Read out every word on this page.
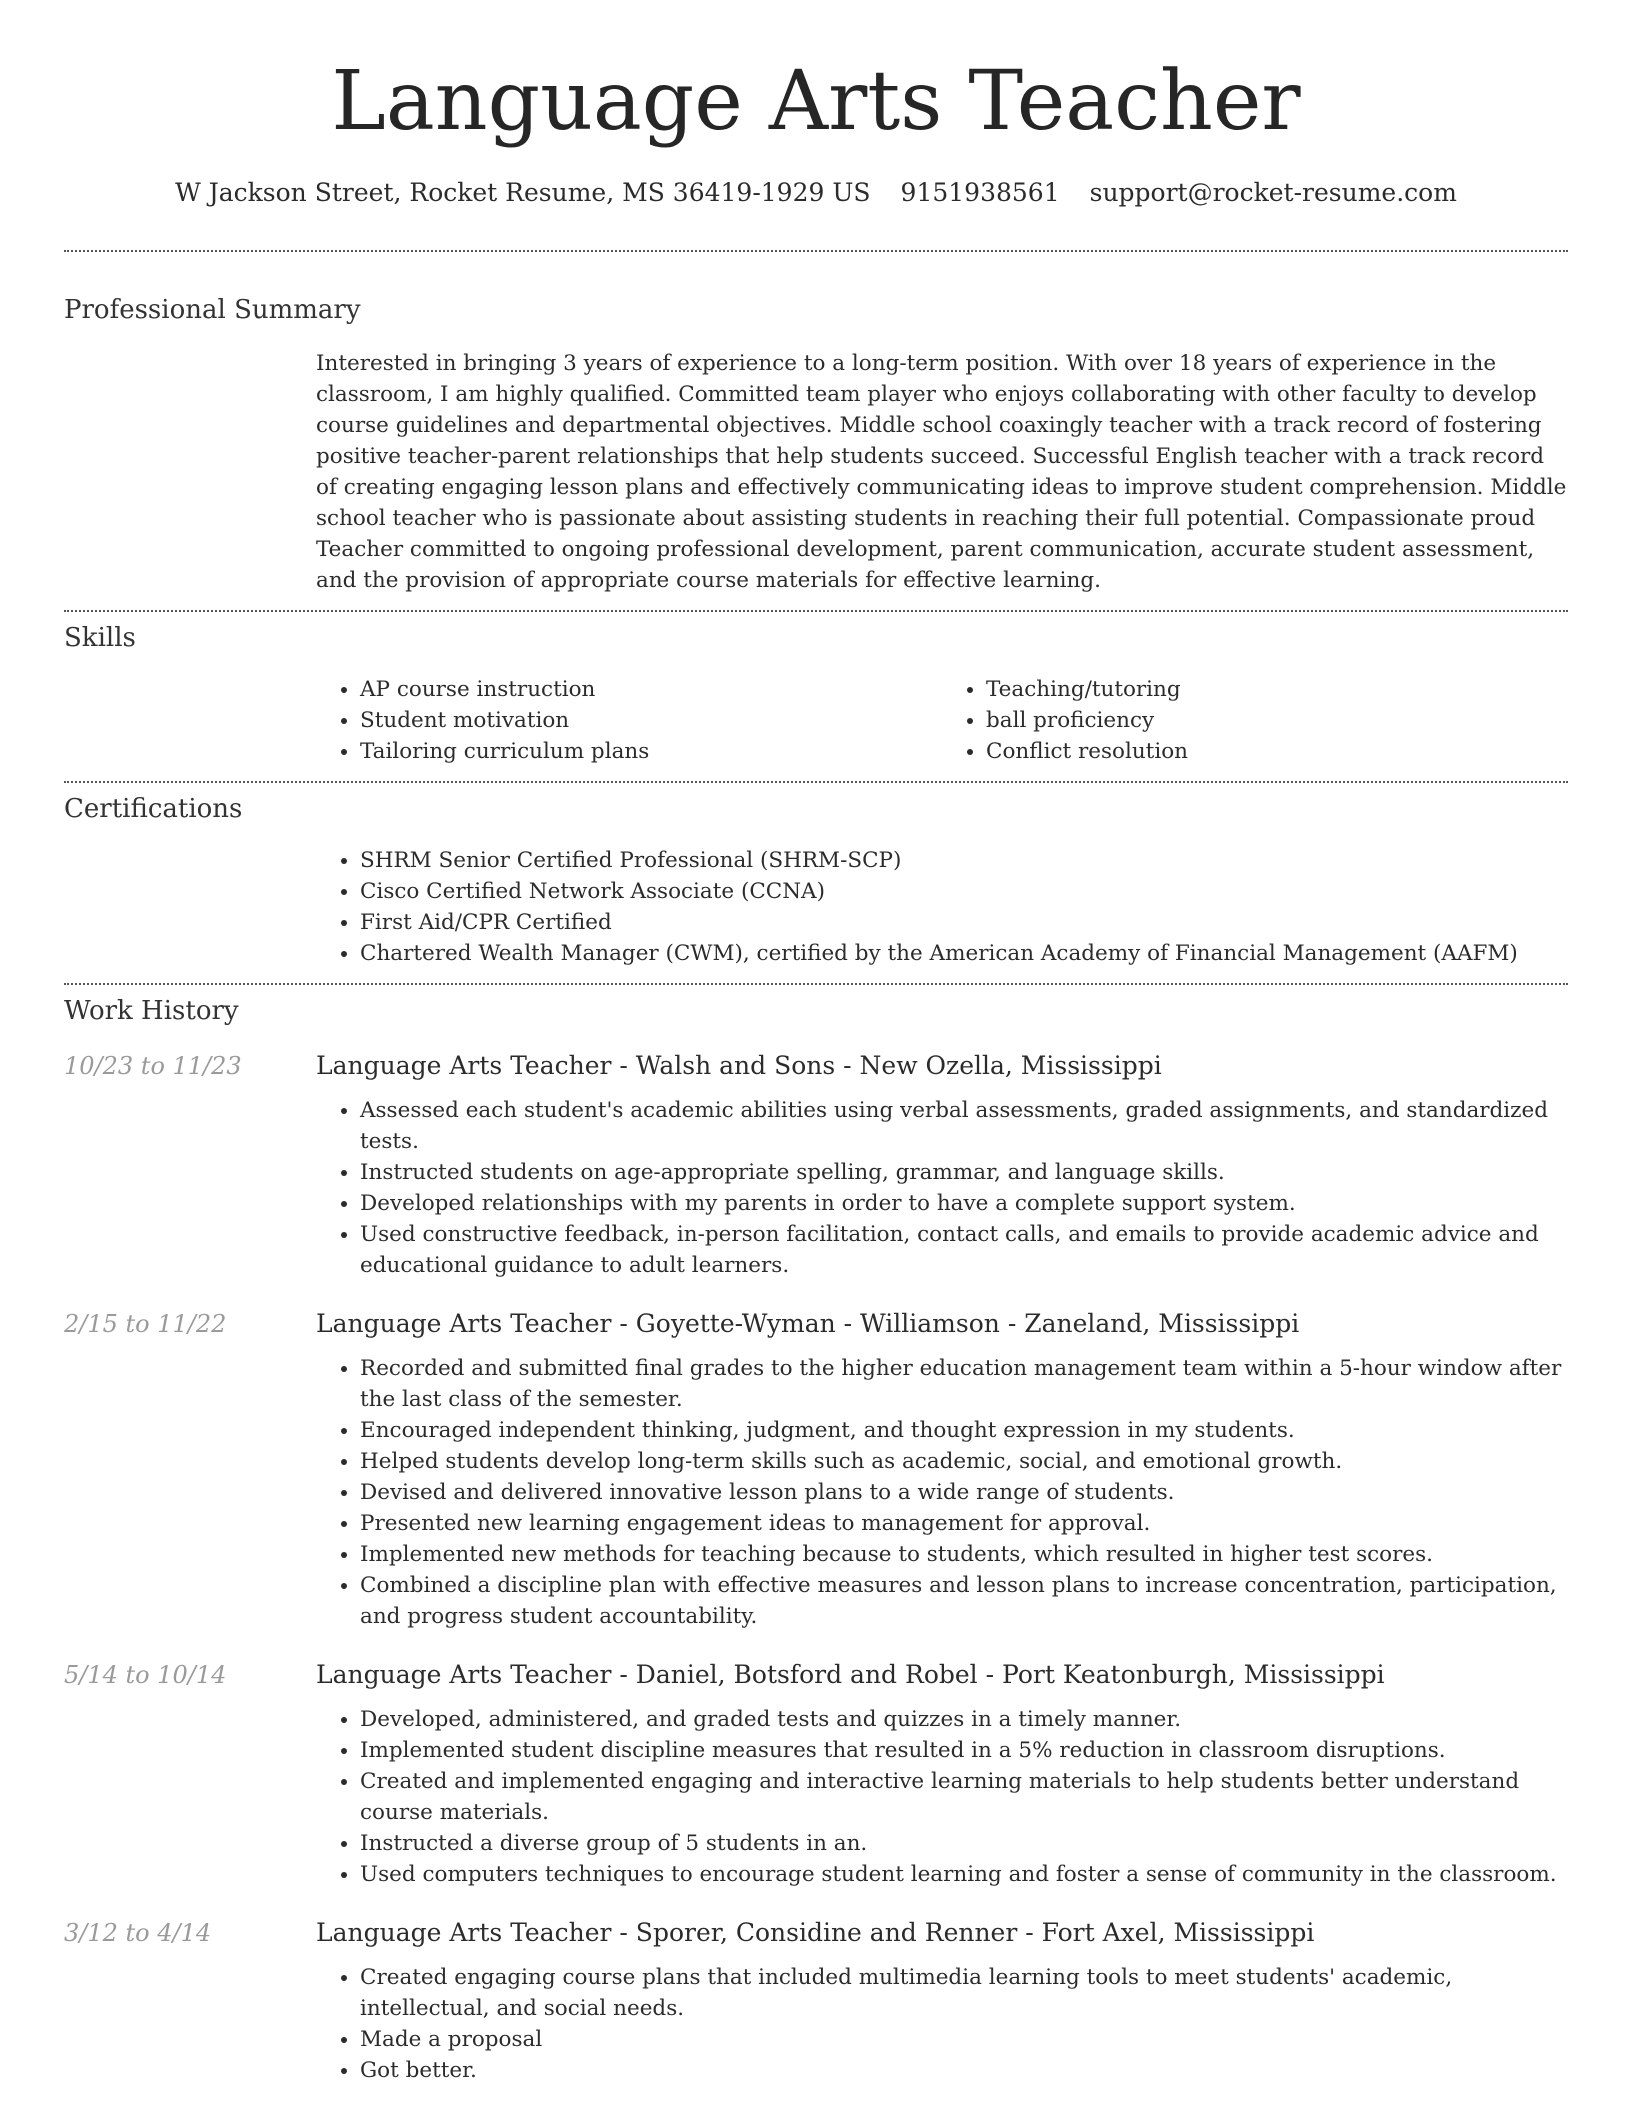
Language Arts Teacher
W Jackson Street, Rocket Resume, MS 36419-1929 US 9151938561 support@rocket-resume.com
Professional Summary
Interested in bringing 3 years of experience to a long-term position. With over 18 years of experience in the classroom, I am highly qualified. Committed team player who enjoys collaborating with other faculty to develop course guidelines and departmental objectives. Middle school coaxingly teacher with a track record of fostering positive teacher-parent relationships that help students succeed. Successful English teacher with a track record of creating engaging lesson plans and effectively communicating ideas to improve student comprehension. Middle school teacher who is passionate about assisting students in reaching their full potential. Compassionate proud Teacher committed to ongoing professional development, parent communication, accurate student assessment, and the provision of appropriate course materials for effective learning.
Skills
• AP course instruction
• Student motivation
• Tailoring curriculum plans
• Teaching/tutoring
• ball proficiency
• Conflict resolution
Certifications
• SHRM Senior Certified Professional (SHRM-SCP)
• Cisco Certified Network Associate (CCNA)
• First Aid/CPR Certified
• Chartered Wealth Manager (CWM), certified by the American Academy of Financial Management (AAFM)
Work History
10/23 to 11/23	Language Arts Teacher - Walsh and Sons - New Ozella, Mississippi
• Assessed each student's academic abilities using verbal assessments, graded assignments, and standardized tests.
• Instructed students on age-appropriate spelling, grammar, and language skills.
• Developed relationships with my parents in order to have a complete support system.
• Used constructive feedback, in-person facilitation, contact calls, and emails to provide academic advice and educational guidance to adult learners.
2/15 to 11/22	Language Arts Teacher - Goyette-Wyman - Williamson - Zaneland, Mississippi
• Recorded and submitted final grades to the higher education management team within a 5-hour window after the last class of the semester.
• Encouraged independent thinking, judgment, and thought expression in my students.
• Helped students develop long-term skills such as academic, social, and emotional growth.
• Devised and delivered innovative lesson plans to a wide range of students.
• Presented new learning engagement ideas to management for approval.
• Implemented new methods for teaching because to students, which resulted in higher test scores.
• Combined a discipline plan with effective measures and lesson plans to increase concentration, participation, and progress student accountability.
5/14 to 10/14	Language Arts Teacher - Daniel, Botsford and Robel - Port Keatonburgh, Mississippi
• Developed, administered, and graded tests and quizzes in a timely manner.
• Implemented student discipline measures that resulted in a 5% reduction in classroom disruptions.
• Created and implemented engaging and interactive learning materials to help students better understand course materials.
• Instructed a diverse group of 5 students in an.
• Used computers techniques to encourage student learning and foster a sense of community in the classroom.
3/12 to 4/14	Language Arts Teacher - Sporer, Considine and Renner - Fort Axel, Mississippi
• Created engaging course plans that included multimedia learning tools to meet students' academic, intellectual, and social needs.
• Made a proposal
• Got better.
